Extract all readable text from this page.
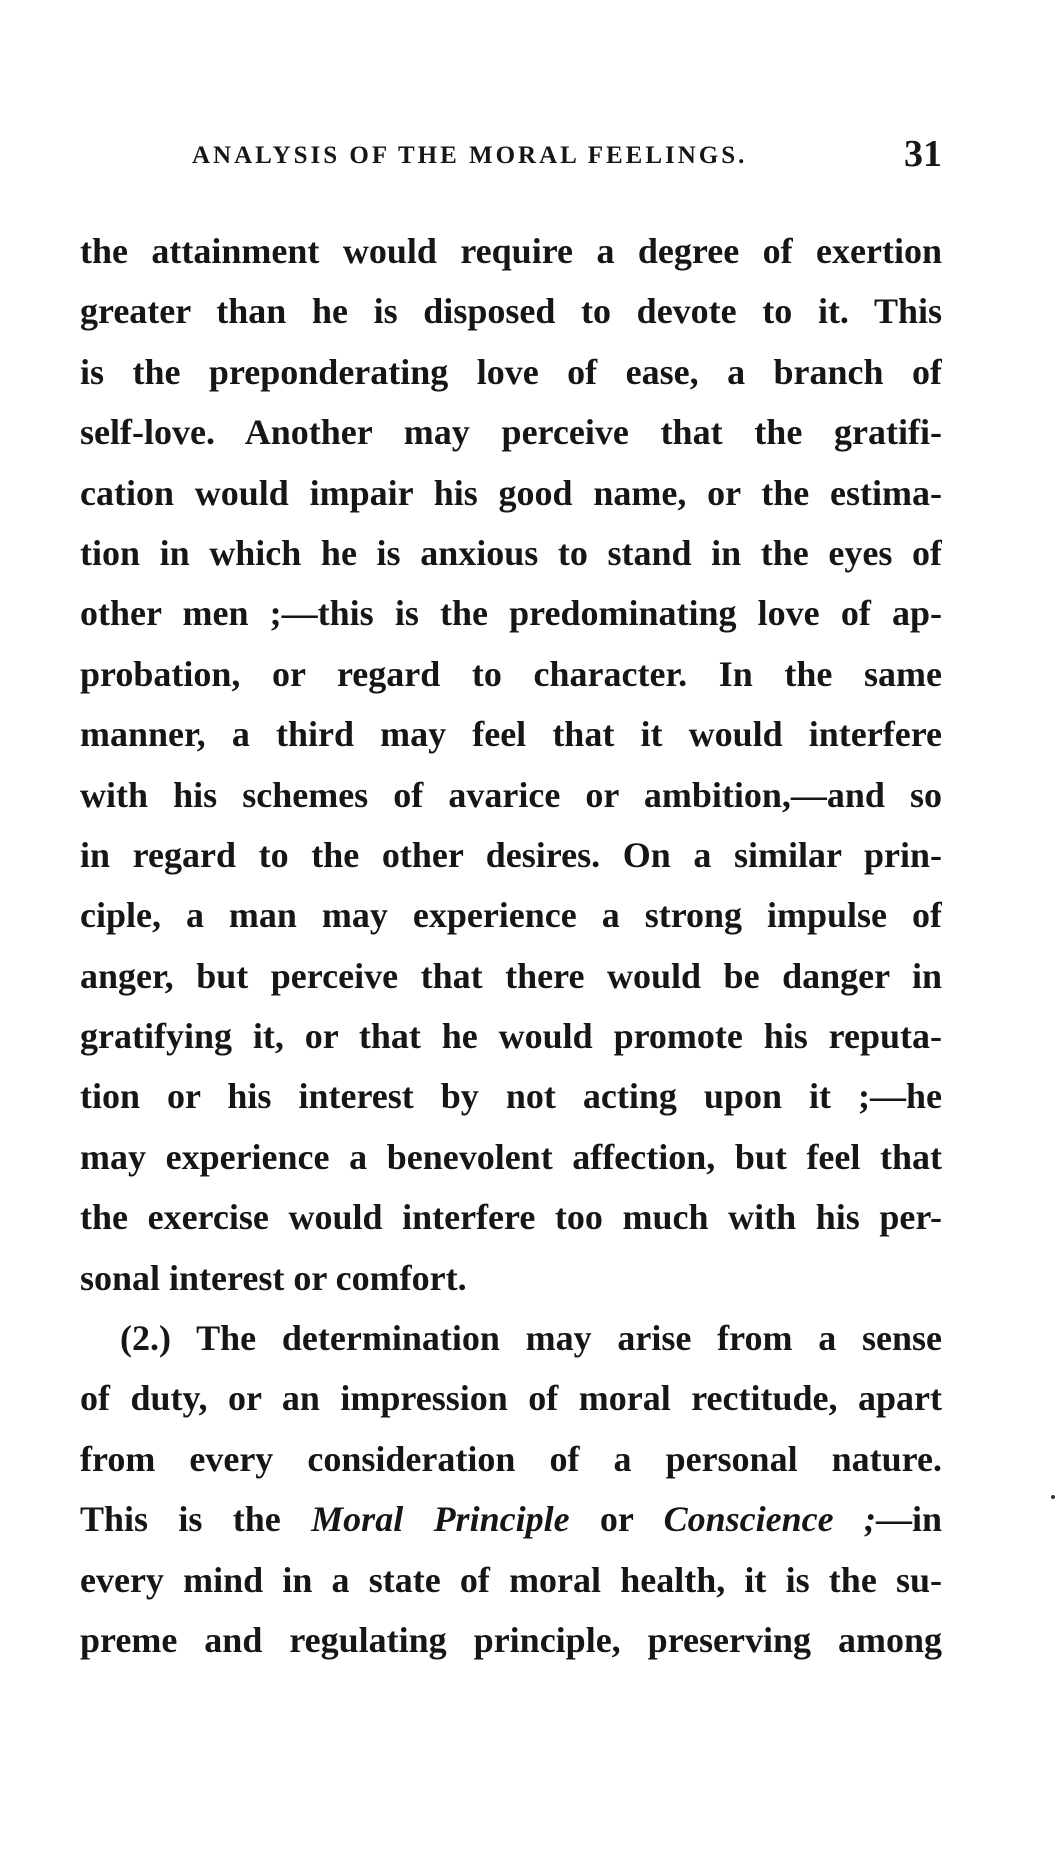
ANALYSIS OF THE MORAL FEELINGS.	31
the attainment would require a degree of exertion
greater than he is disposed to devote to it. This
is the preponderating love of ease, a branch of
self-love. Another may perceive that the gratifi-
cation would impair his good name, or the estima-
tion in which he is anxious to stand in the eyes of
other men ;—this is the predominating love of ap-
probation, or regard to character. In the same
manner, a third may feel that it would interfere
with his schemes of avarice or ambition,—and so
in regard to the other desires. On a similar prin-
ciple, a man may experience a strong impulse of
anger, but perceive that there would be danger in
gratifying it, or that he would promote his reputa-
tion or his interest by not acting upon it ;—he
may experience a benevolent affection, but feel that
the exercise would interfere too much with his per-
sonal interest or comfort.
(2.) The determination may arise from a sense
of duty, or an impression of moral rectitude, apart
from every consideration of a personal nature.
This is the Moral Principle or Conscience ;—in
every mind in a state of moral health, it is the su-
preme and regulating principle, preserving among
